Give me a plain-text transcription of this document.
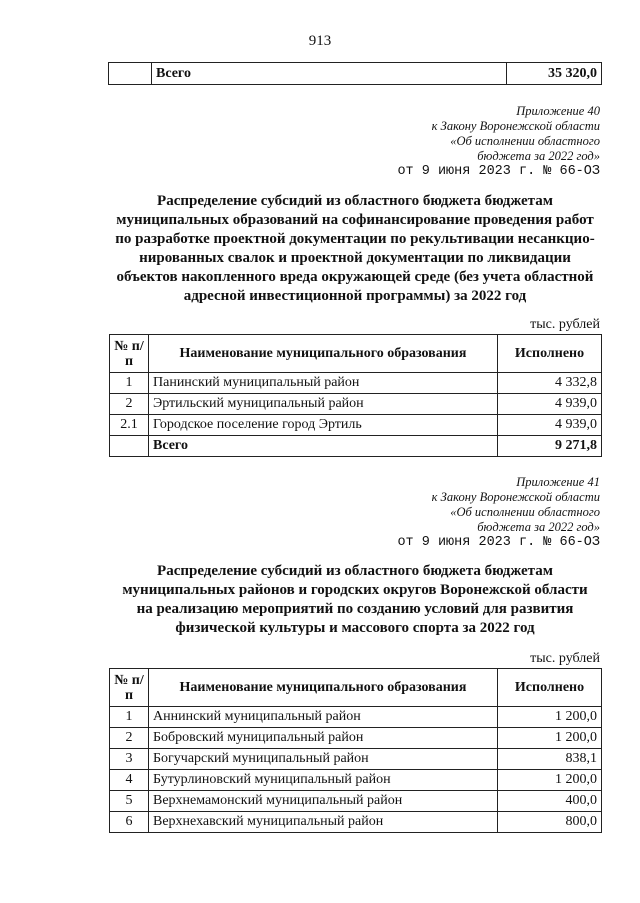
913
	Всего	35 320,0
Приложение 40
к Закону Воронежской области
«Об исполнении областного
бюджета за 2022 год»
от 9 июня 2023 г. № 66-ОЗ
Распределение субсидий из областного бюджета бюджетам
муниципальных образований на софинансирование проведения работ
по разработке проектной документации по рекультивации несанкцио-
нированных свалок и проектной документации по ликвидации
объектов накопленного вреда окружающей среде (без учета областной
адресной инвестиционной программы) за 2022 год
тыс. рублей
№ п/п	Наименование муниципального образования	Исполнено
1	Панинский муниципальный район	4 332,8
2	Эртильский муниципальный район	4 939,0
2.1	Городское поселение город Эртиль	4 939,0
	Всего	9 271,8
Приложение 41
к Закону Воронежской области
«Об исполнении областного
бюджета за 2022 год»
от 9 июня 2023 г. № 66-ОЗ
Распределение субсидий из областного бюджета бюджетам
муниципальных районов и городских округов Воронежской области
на реализацию мероприятий по созданию условий для развития
физической культуры и массового спорта за 2022 год
тыс. рублей
№ п/п	Наименование муниципального образования	Исполнено
1	Аннинский муниципальный район	1 200,0
2	Бобровский муниципальный район	1 200,0
3	Богучарский муниципальный район	838,1
4	Бутурлиновский муниципальный район	1 200,0
5	Верхнемамонский муниципальный район	400,0
6	Верхнехавский муниципальный район	800,0
